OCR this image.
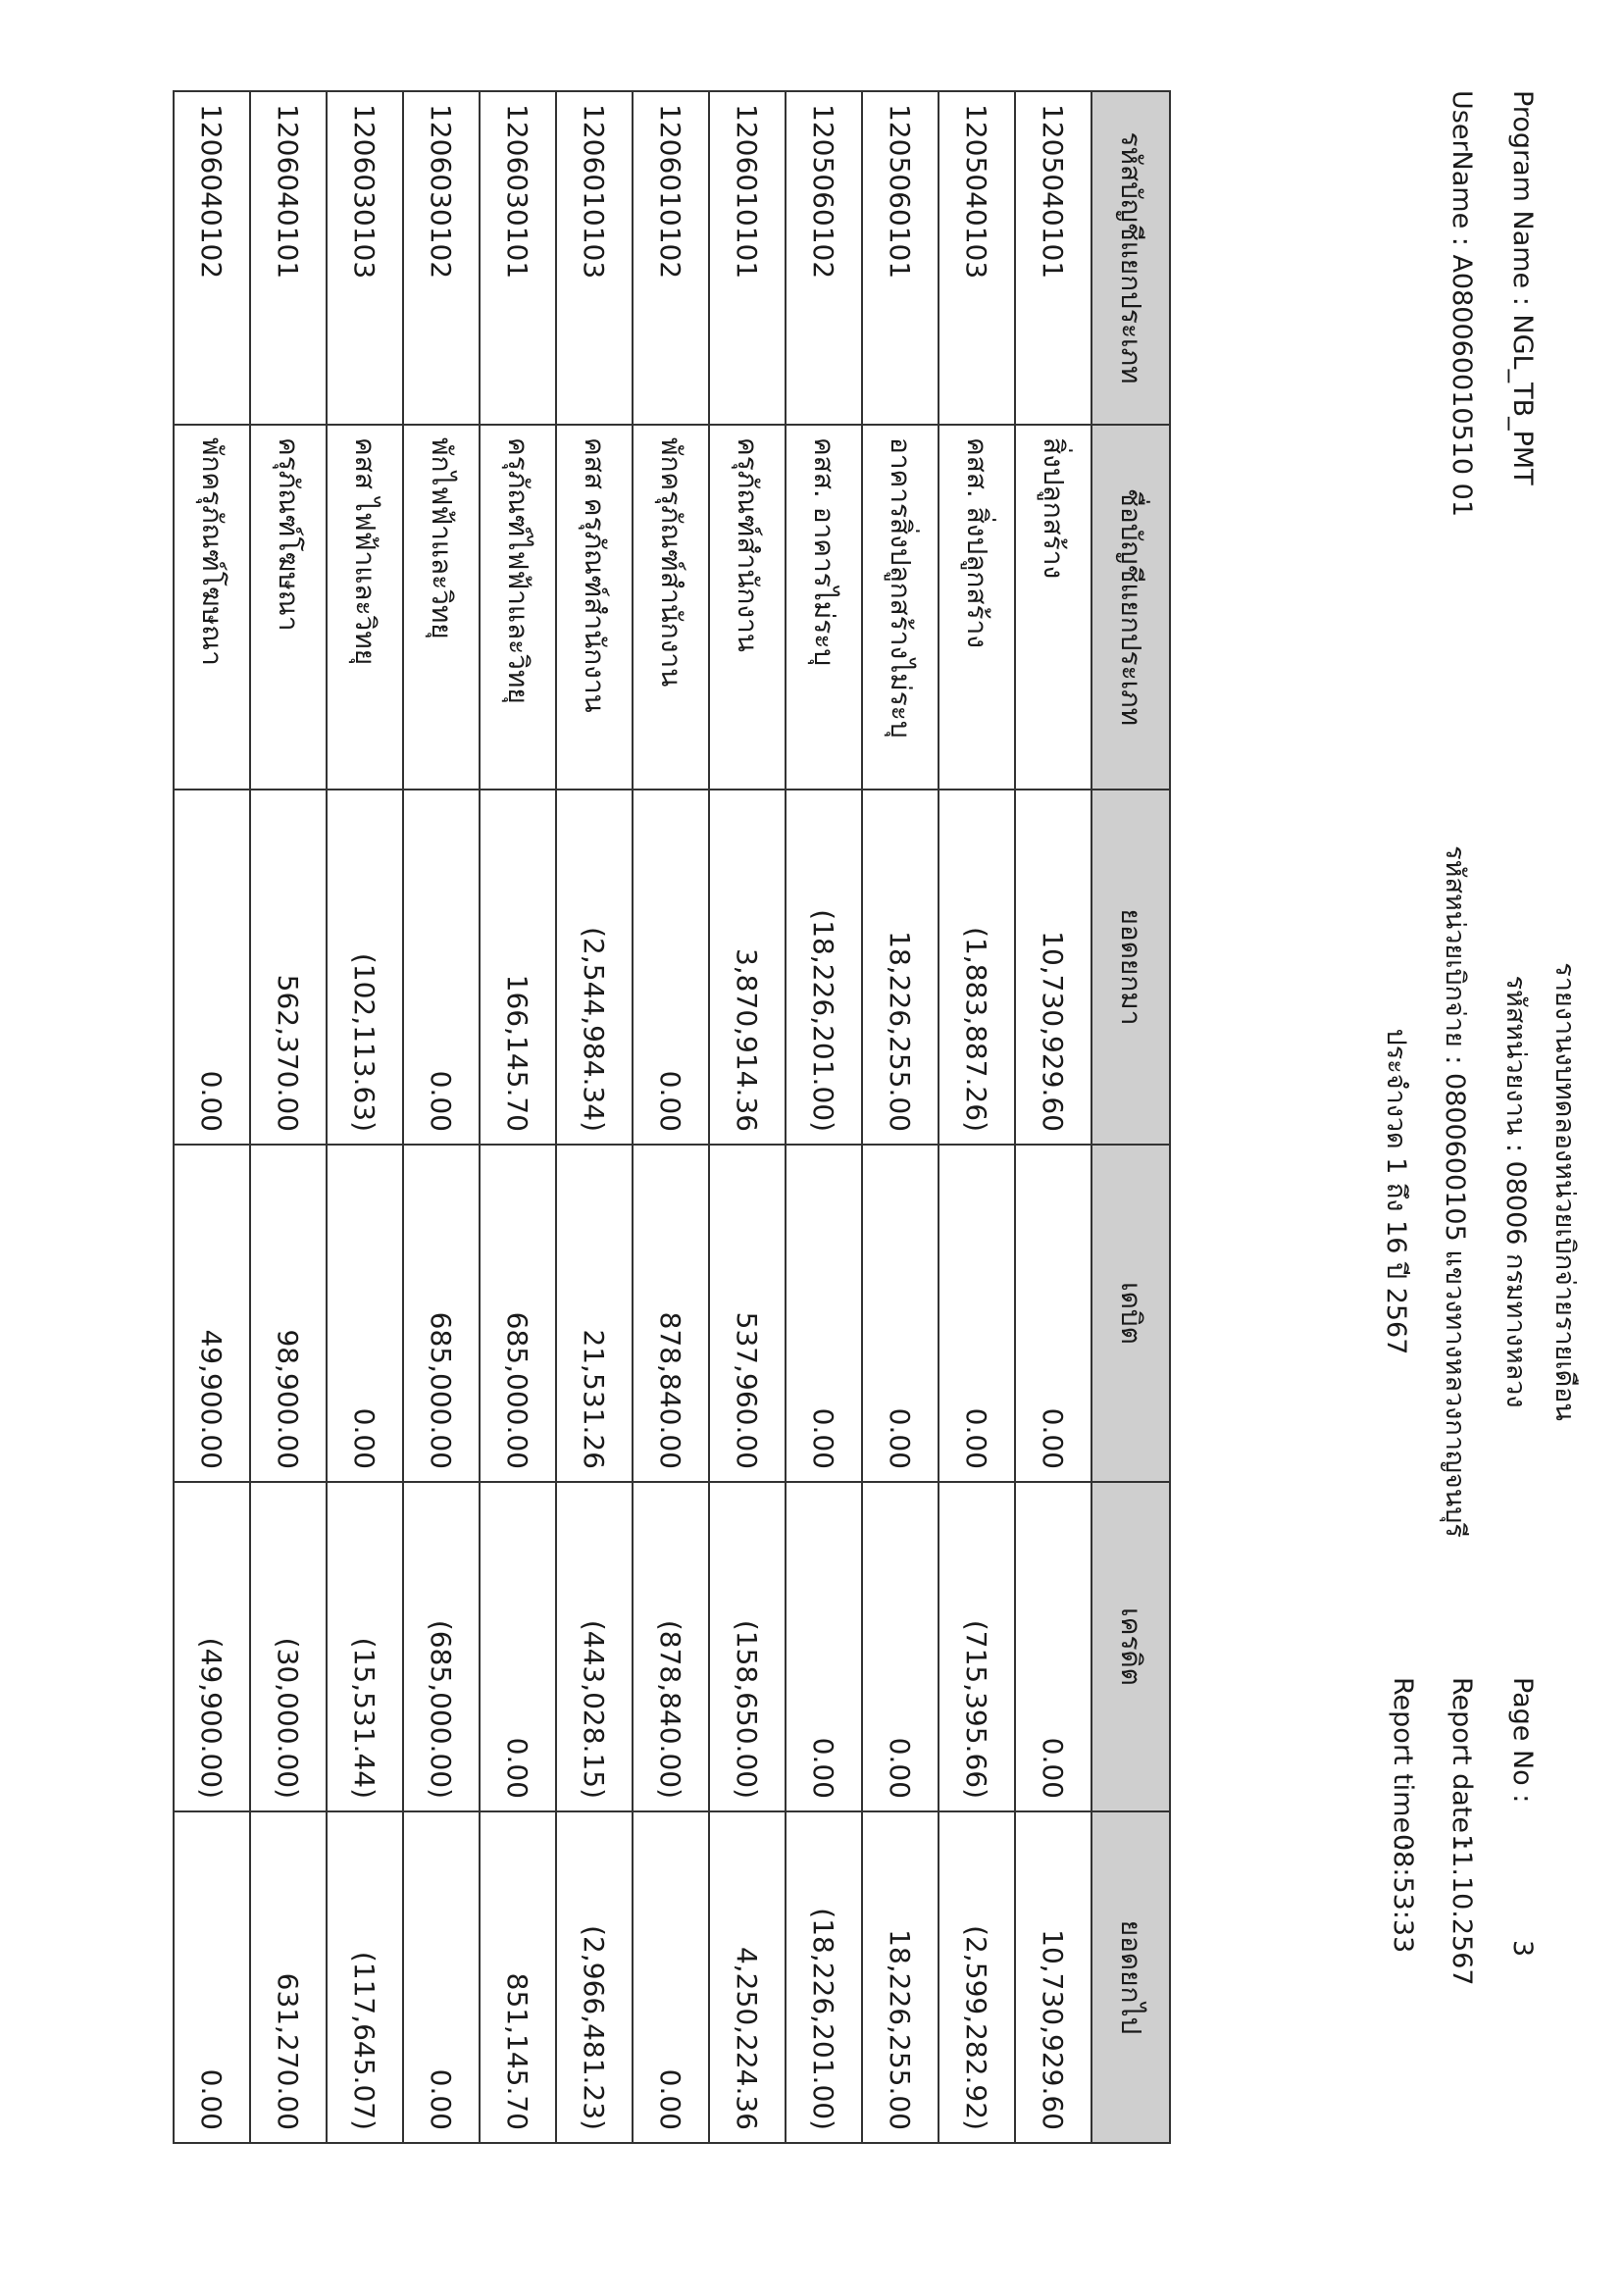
Program Name : NGL_TB_PMT
UserName : A080060010510 01
รายงานงบทดลองหน่วยเบิกจ่ายรายเดือน
รหัสหน่วยงาน : 08006 กรมทางหลวง
รหัสหน่วยเบิกจ่าย : 0800600105 แขวงทางหลวงกาญจนบุรี
ประจำงวด 1 ถึง 16 ปี 2567
Page No :
3
Report date :
11.10.2567
Report time :
08:53:33
รหัสบัญชีแยกประเภท	ชื่อบัญชีแยกประเภท	ยอดยกมา	เดบิต	เครดิต	ยอดยกไป
1205040101	สิ่งปลูกสร้าง	10,730,929.60	0.00	0.00	10,730,929.60
1205040103	คสส. สิ่งปลูกสร้าง	(1,883,887.26)	0.00	(715,395.66)	(2,599,282.92)
1205060101	อาคารสิ่งปลูกสร้างไม่ระบุ	18,226,255.00	0.00	0.00	18,226,255.00
1205060102	คสส. อาคารไม่ระบุ	(18,226,201.00)	0.00	0.00	(18,226,201.00)
1206010101	ครุภัณฑ์สำนักงาน	3,870,914.36	537,960.00	(158,650.00)	4,250,224.36
1206010102	พักครุภัณฑ์สำนักงาน	0.00	878,840.00	(878,840.00)	0.00
1206010103	คสส ครุภัณฑ์สำนักงาน	(2,544,984.34)	21,531.26	(443,028.15)	(2,966,481.23)
1206030101	ครุภัณฑ์ไฟฟ้าและวิทยุ	166,145.70	685,000.00	0.00	851,145.70
1206030102	พักไฟฟ้าและวิทยุ	0.00	685,000.00	(685,000.00)	0.00
1206030103	คสส ไฟฟ้าและวิทยุ	(102,113.63)	0.00	(15,531.44)	(117,645.07)
1206040101	ครุภัณฑ์โฆษณา	562,370.00	98,900.00	(30,000.00)	631,270.00
1206040102	พักครุภัณฑ์โฆษณา	0.00	49,900.00	(49,900.00)	0.00
